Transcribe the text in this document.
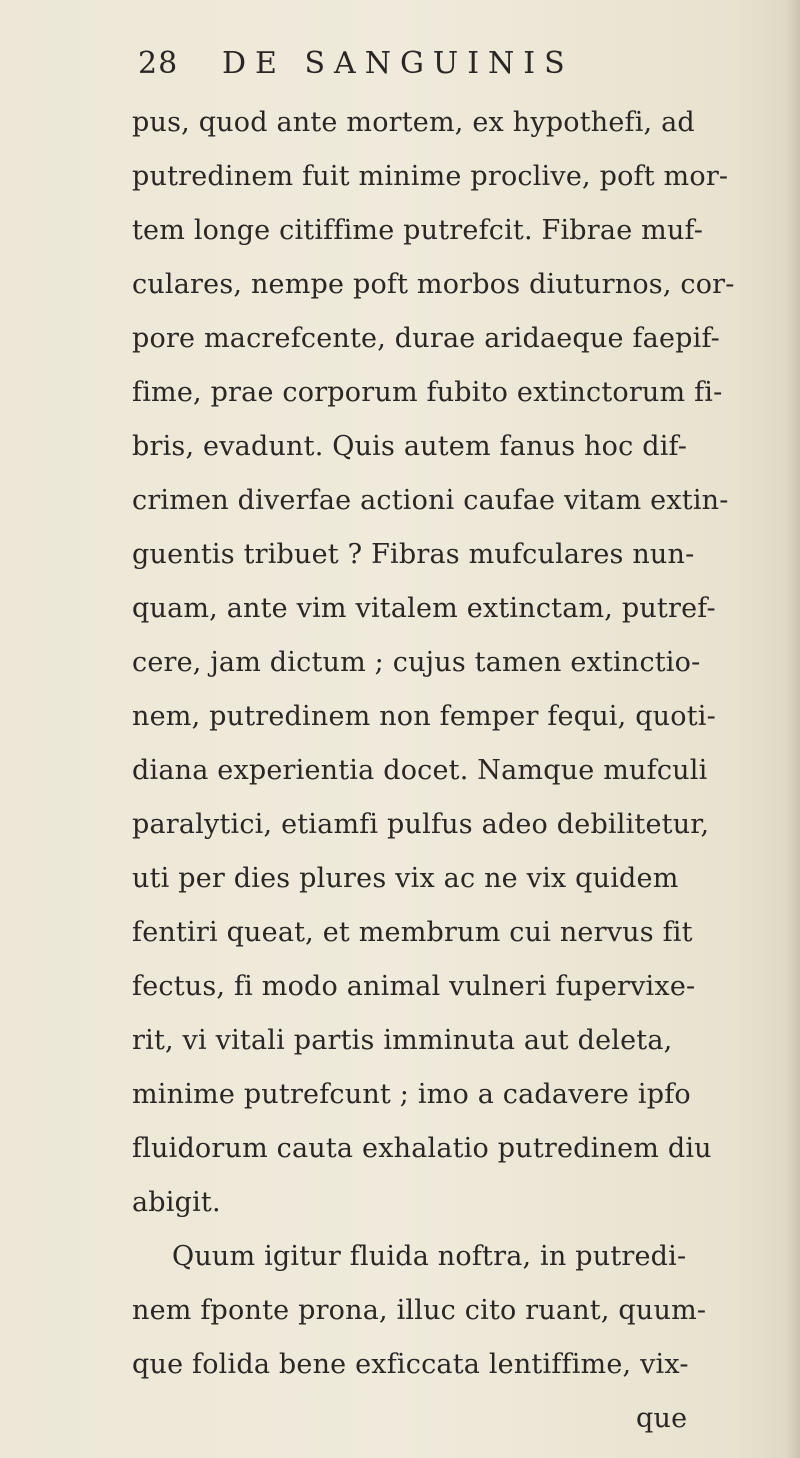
28 DE SANGUINIS
pus, quod ante mortem, ex hypothefi, ad
putredinem fuit minime proclive, poft mor-
tem longe citiffime putrefcit. Fibrae muf-
culares, nempe poft morbos diuturnos, cor-
pore macrefcente, durae aridaeque faepif-
fime, prae corporum fubito extinctorum fi-
bris, evadunt. Quis autem fanus hoc dif-
crimen diverfae actioni caufae vitam extin-
guentis tribuet ? Fibras mufculares nun-
quam, ante vim vitalem extinctam, putref-
cere, jam dictum ; cujus tamen extinctio-
nem, putredinem non femper fequi, quoti-
diana experientia docet. Namque mufculi
paralytici, etiamfi pulfus adeo debilitetur,
uti per dies plures vix ac ne vix quidem
fentiri queat, et membrum cui nervus fit
fectus, fi modo animal vulneri fupervixe-
rit, vi vitali partis imminuta aut deleta,
minime putrefcunt ; imo a cadavere ipfo
fluidorum cauta exhalatio putredinem diu
abigit.
Quum igitur fluida noftra, in putredi-
nem fponte prona, illuc cito ruant, quum-
que folida bene exficcata lentiffime, vix-
que
